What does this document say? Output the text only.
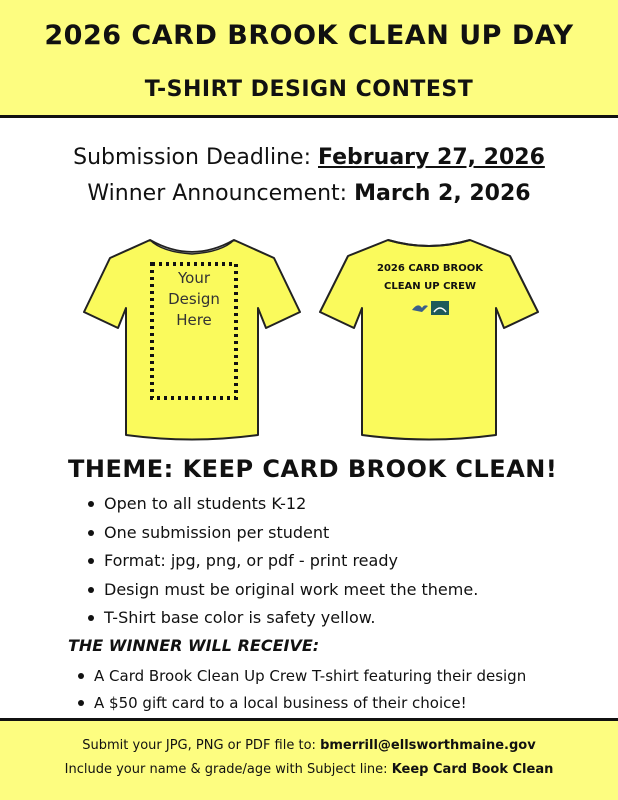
2026 CARD BROOK CLEAN UP DAY
T-SHIRT DESIGN CONTEST
Submission Deadline: February 27, 2026
Winner Announcement: March 2, 2026
Your
Design
Here
2026 CARD BROOK
CLEAN UP CREW
THEME: KEEP CARD BROOK CLEAN!
Open to all students K-12
One submission per student
Format: jpg, png, or pdf - print ready
Design must be original work meet the theme.
T-Shirt base color is safety yellow.
THE WINNER WILL RECEIVE:
A Card Brook Clean Up Crew T-shirt featuring their design
A $50 gift card to a local business of their choice!
Submit your JPG, PNG or PDF file to: bmerrill@ellsworthmaine.gov
Include your name & grade/age with Subject line: Keep Card Book Clean
